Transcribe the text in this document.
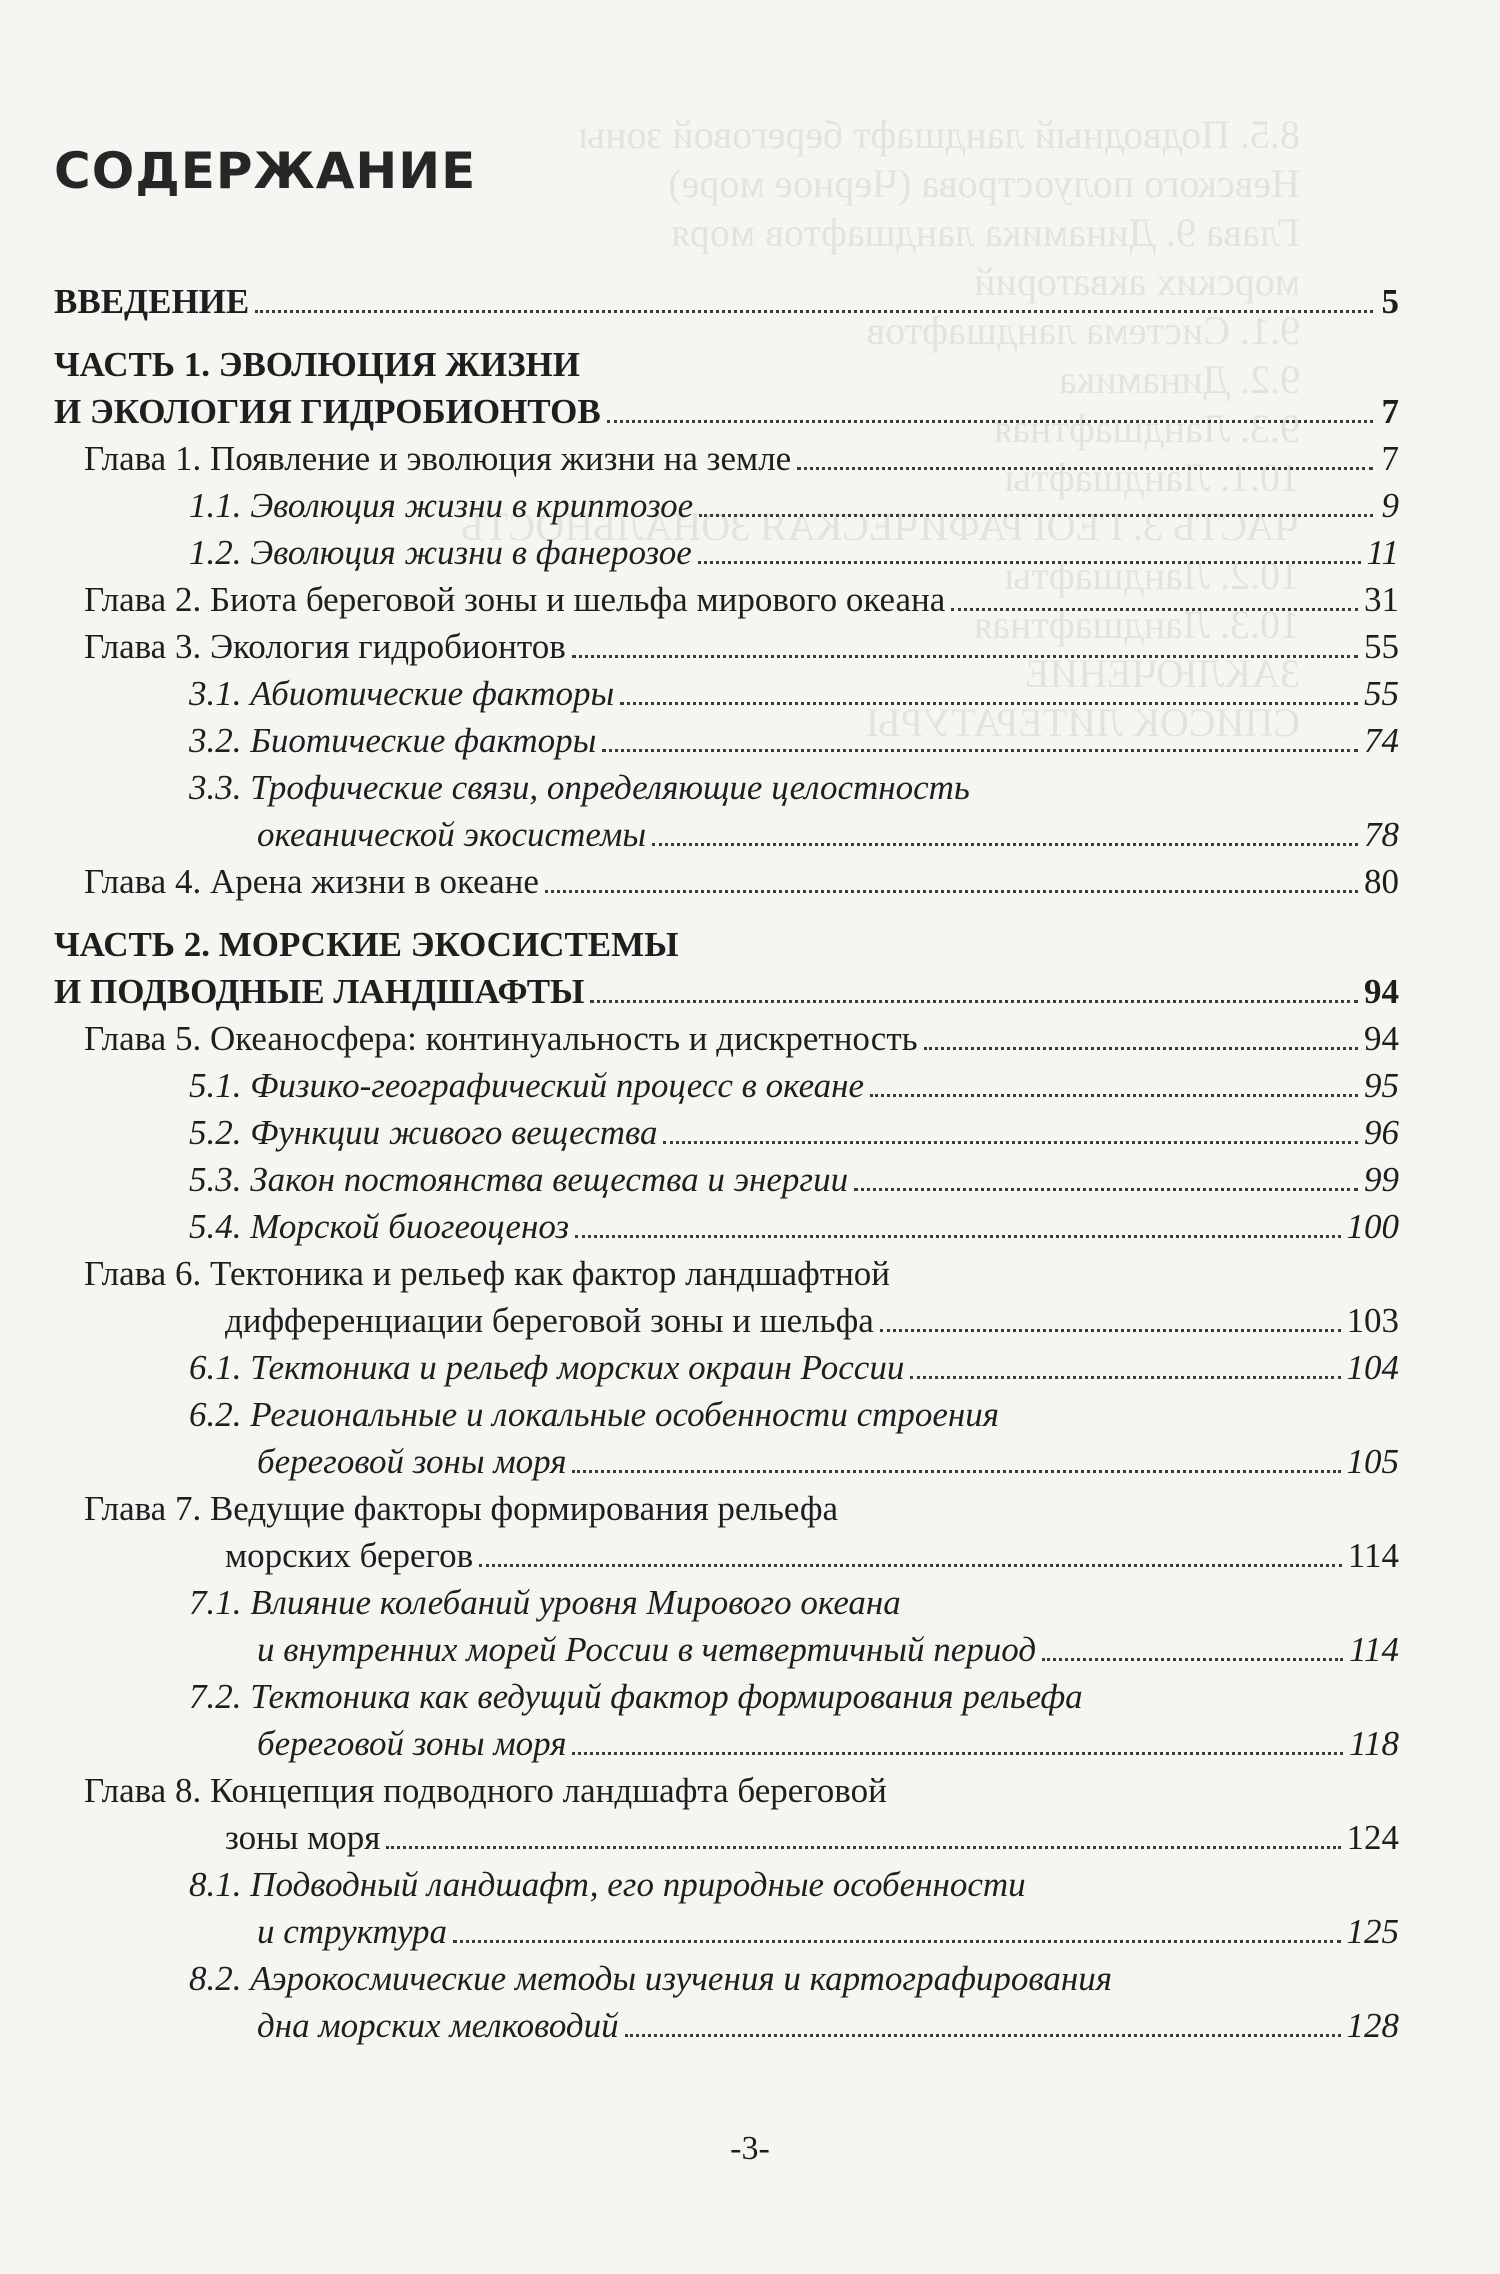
8.5. Подводный ландшафт береговой зоны
Невского полуострова (Черное море)
Глава 9. Динамика ландшафтов моря
морских акваторий
9.1. Система ландшафтов
9.2. Динамика
9.3. Ландшафтная
10.1. Ландшафты
ЧАСТЬ 3. ГЕОГРАФИЧЕСКАЯ ЗОНАЛЬНОСТЬ
10.2. Ландшафты
10.3. Ландшафтная
ЗАКЛЮЧЕНИЕ
СПИСОК ЛИТЕРАТУРЫ
СОДЕРЖАНИЕ
ВВЕДЕНИЕ	5
ЧАСТЬ 1. ЭВОЛЮЦИЯ ЖИЗНИ
И ЭКОЛОГИЯ ГИДРОБИОНТОВ	7
Глава 1. Появление и эволюция жизни на земле	7
1.1. Эволюция жизни в криптозое	9
1.2. Эволюция жизни в фанерозое	11
Глава 2. Биота береговой зоны и шельфа мирового океана	31
Глава 3. Экология гидробионтов	55
3.1. Абиотические факторы	55
3.2. Биотические факторы	74
3.3. Трофические связи, определяющие целостность
океанической экосистемы	78
Глава 4. Арена жизни в океане	80
ЧАСТЬ 2. МОРСКИЕ ЭКОСИСТЕМЫ
И ПОДВОДНЫЕ ЛАНДШАФТЫ	94
Глава 5. Океаносфера: континуальность и дискретность	94
5.1. Физико-географический процесс в океане	95
5.2. Функции живого вещества	96
5.3. Закон постоянства вещества и энергии	99
5.4. Морской биогеоценоз	100
Глава 6. Тектоника и рельеф как фактор ландшафтной
дифференциации береговой зоны и шельфа	103
6.1. Тектоника и рельеф морских окраин России	104
6.2. Региональные и локальные особенности строения
береговой зоны моря	105
Глава 7. Ведущие факторы формирования рельефа
морских берегов	114
7.1. Влияние колебаний уровня Мирового океана
и внутренних морей России в четвертичный период	114
7.2. Тектоника как ведущий фактор формирования рельефа
береговой зоны моря	118
Глава 8. Концепция подводного ландшафта береговой
зоны моря	124
8.1. Подводный ландшафт, его природные особенности
и структура	125
8.2. Аэрокосмические методы изучения и картографирования
дна морских мелководий	128
-3-
